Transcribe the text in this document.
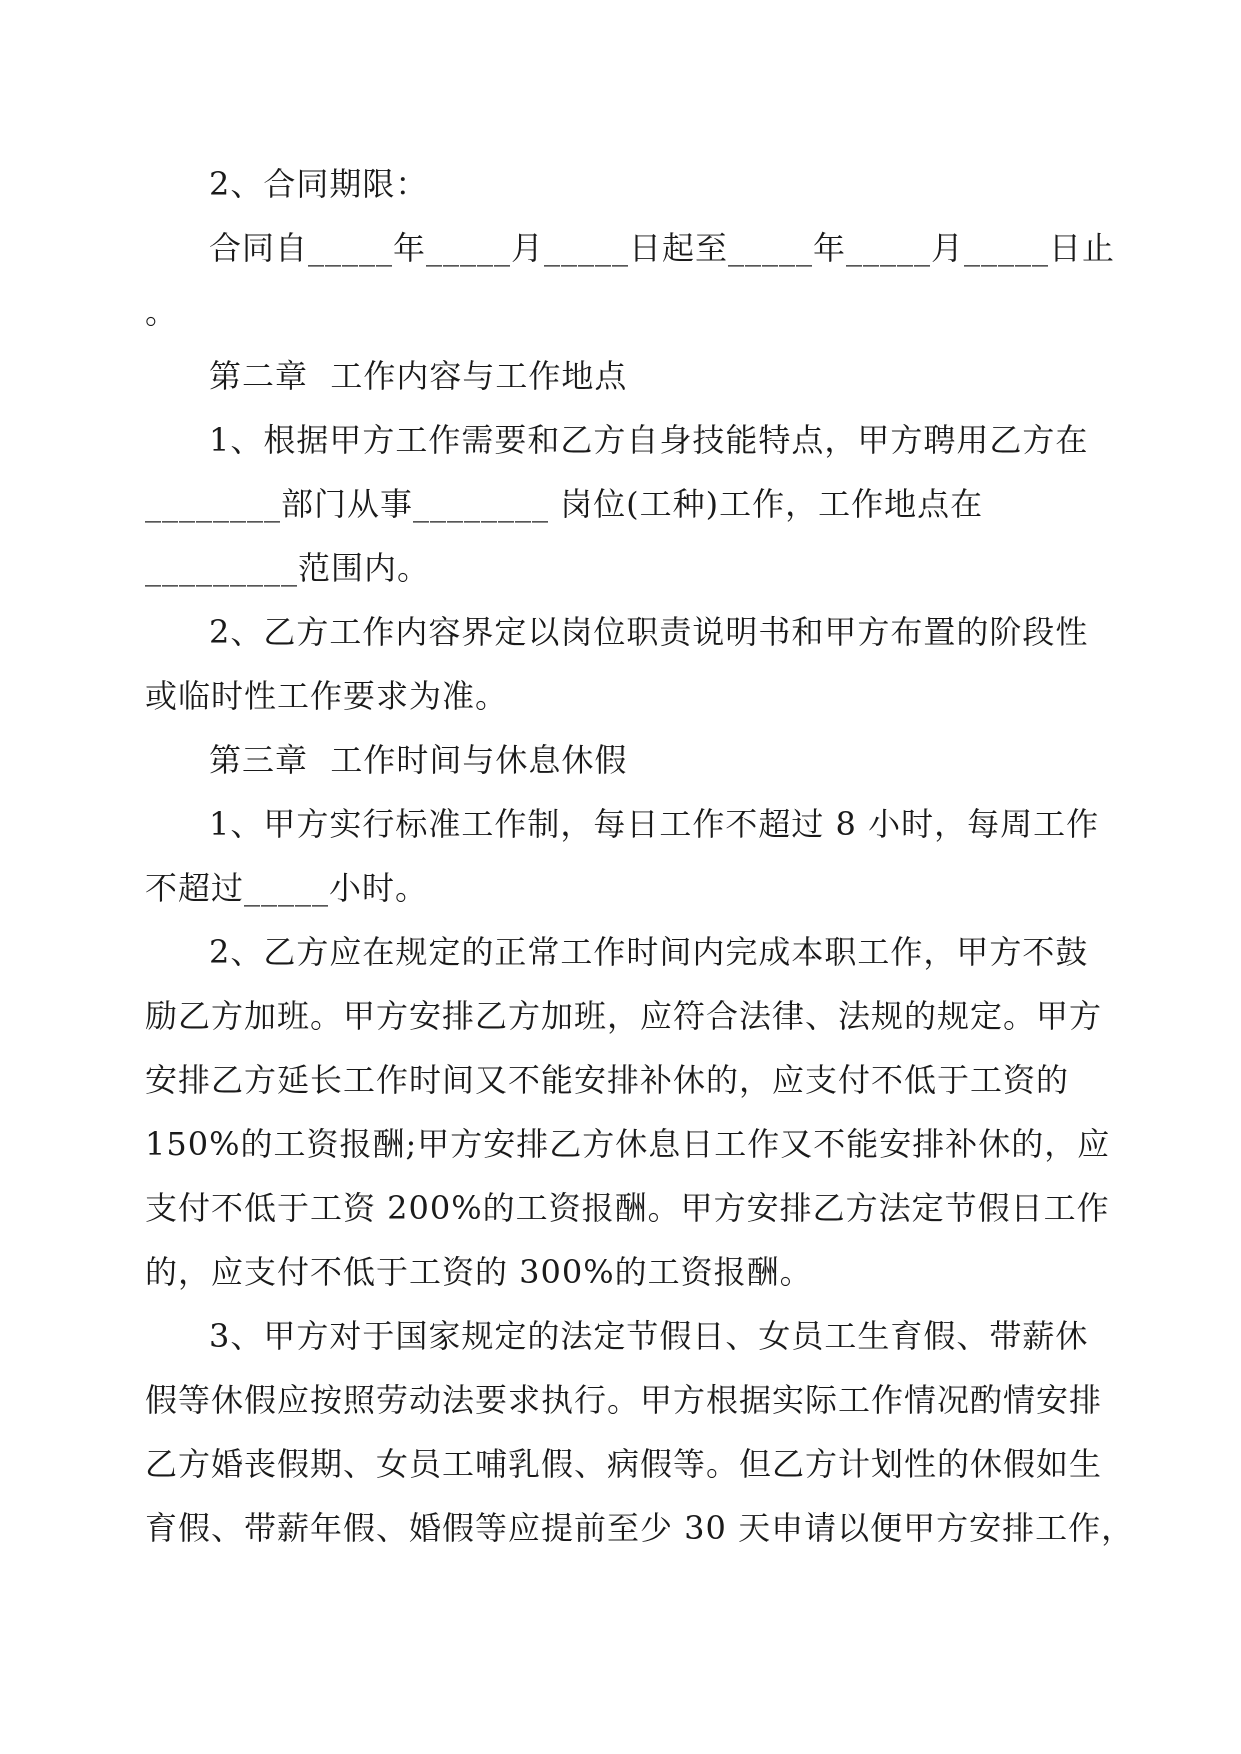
2、合同期限：

合同自_____年_____月_____日起至_____年_____月_____日止

。

第二章  工作内容与工作地点

1、根据甲方工作需要和乙方自身技能特点，甲方聘用乙方在

________部门从事________ 岗位(工种)工作，工作地点在

_________范围内。

2、乙方工作内容界定以岗位职责说明书和甲方布置的阶段性

或临时性工作要求为准。

第三章  工作时间与休息休假

1、甲方实行标准工作制，每日工作不超过 8 小时，每周工作

不超过_____小时。

2、乙方应在规定的正常工作时间内完成本职工作，甲方不鼓

励乙方加班。甲方安排乙方加班，应符合法律、法规的规定。甲方

安排乙方延长工作时间又不能安排补休的，应支付不低于工资的

150%的工资报酬;甲方安排乙方休息日工作又不能安排补休的，应

支付不低于工资 200%的工资报酬。甲方安排乙方法定节假日工作

的，应支付不低于工资的 300%的工资报酬。

3、甲方对于国家规定的法定节假日、女员工生育假、带薪休

假等休假应按照劳动法要求执行。甲方根据实际工作情况酌情安排

乙方婚丧假期、女员工哺乳假、病假等。但乙方计划性的休假如生

育假、带薪年假、婚假等应提前至少 30 天申请以便甲方安排工作，
